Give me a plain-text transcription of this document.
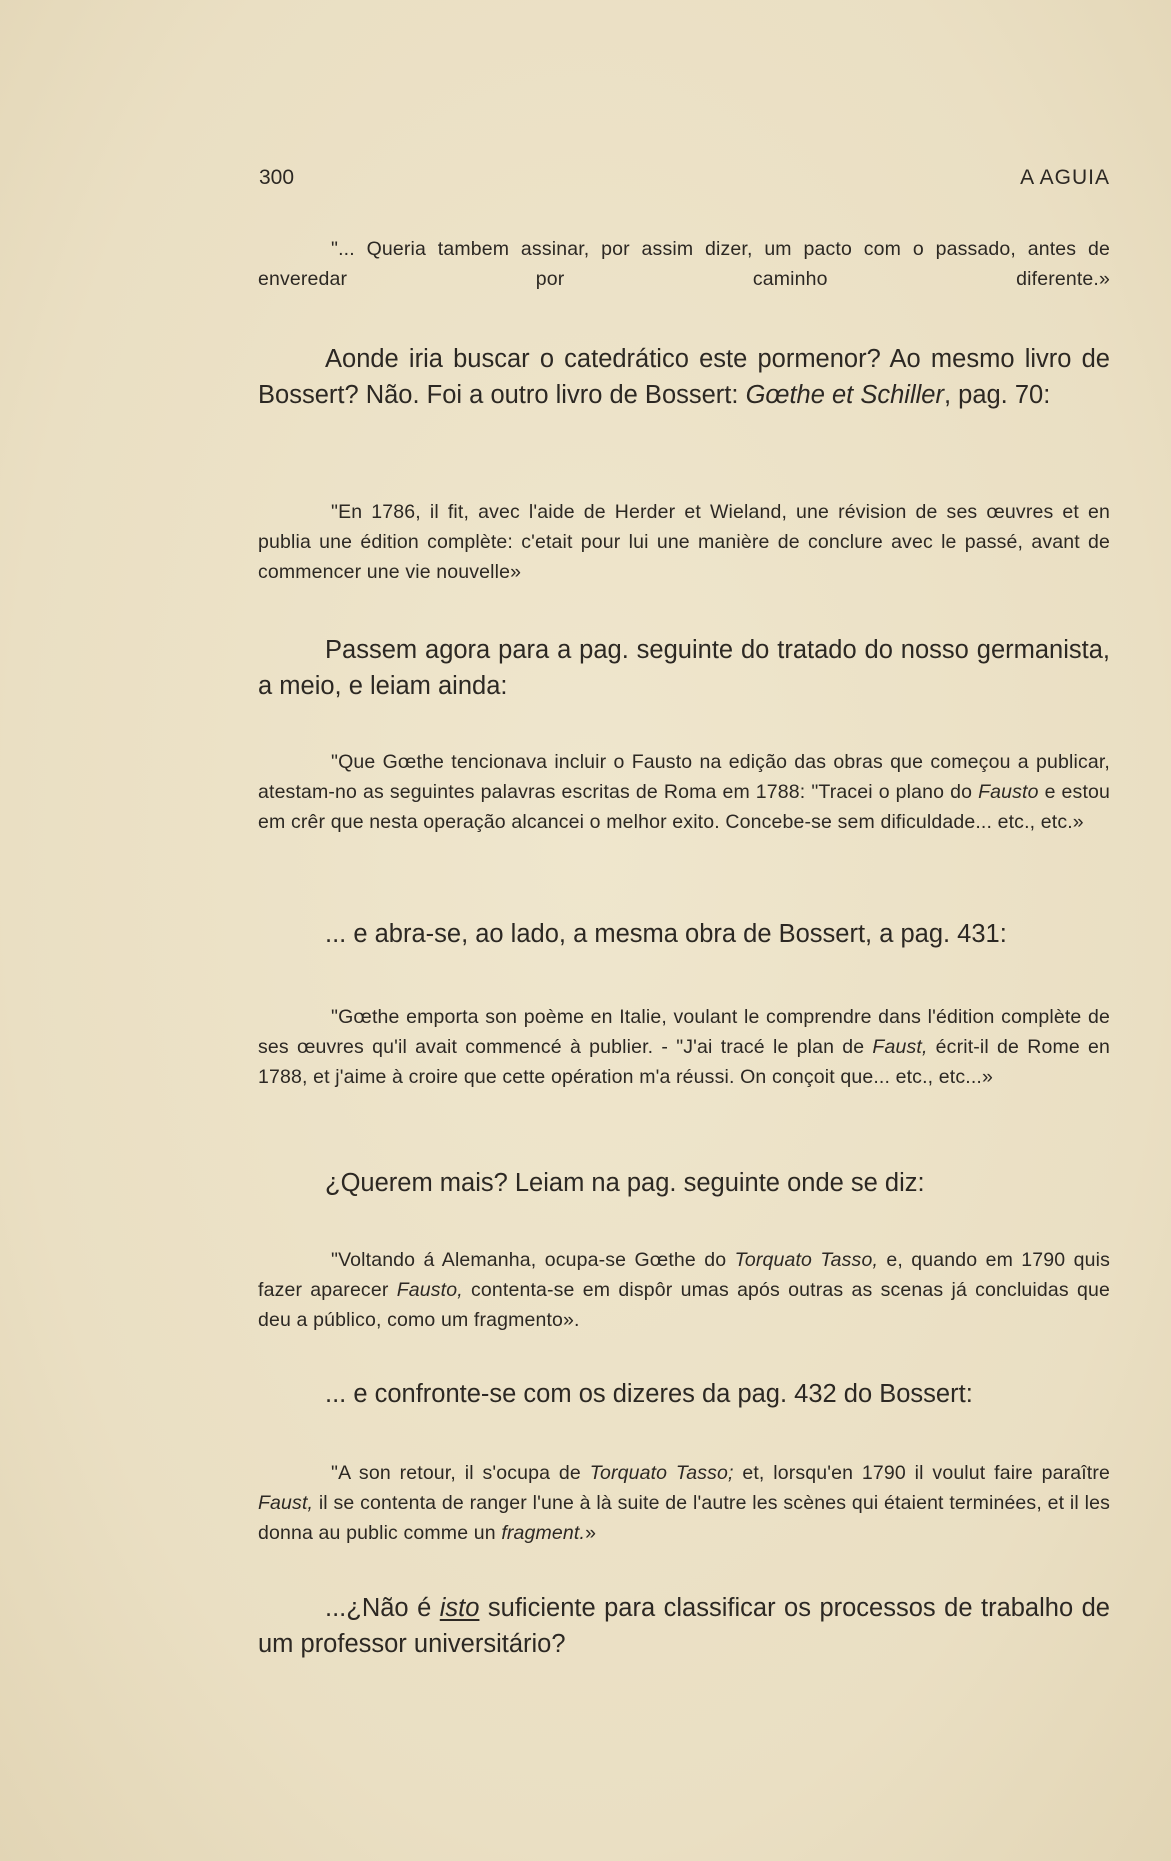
300	A AGUIA

"... Queria tambem assinar, por assim dizer, um pacto com o passado, antes de enveredar por caminho diferente.»

Aonde iria buscar o catedrático este pormenor? Ao mesmo livro de Bossert? Não. Foi a outro livro de Bossert: Gœthe et Schiller, pag. 70:

"En 1786, il fit, avec l'aide de Herder et Wieland, une révision de ses œuvres et en publia une édition complète: c'etait pour lui une manière de conclure avec le passé, avant de commencer une vie nouvelle»

Passem agora para a pag. seguinte do tratado do nosso germanista, a meio, e leiam ainda:

"Que Gœthe tencionava incluir o Fausto na edição das obras que começou a publicar, atestam-no as seguintes palavras escritas de Roma em 1788: "Tracei o plano do Fausto e estou em crêr que nesta operação alcancei o melhor exito. Concebe-se sem dificuldade... etc., etc.»

... e abra-se, ao lado, a mesma obra de Bossert, a pag. 431:

"Gœthe emporta son poème en Italie, voulant le comprendre dans l'édition complète de ses œuvres qu'il avait commencé à publier. - "J'ai tracé le plan de Faust, écrit-il de Rome en 1788, et j'aime à croire que cette opération m'a réussi. On conçoit que... etc., etc...»

¿Querem mais? Leiam na pag. seguinte onde se diz:

"Voltando á Alemanha, ocupa-se Gœthe do Torquato Tasso, e, quando em 1790 quis fazer aparecer Fausto, contenta-se em dispôr umas após outras as scenas já concluidas que deu a público, como um fragmento».

... e confronte-se com os dizeres da pag. 432 do Bossert:

"A son retour, il s'ocupa de Torquato Tasso; et, lorsqu'en 1790 il voulut faire paraître Faust, il se contenta de ranger l'une à là suite de l'autre les scènes qui étaient terminées, et il les donna au public comme un fragment.»

...¿Não é isto suficiente para classificar os processos de trabalho de um professor universitário?
